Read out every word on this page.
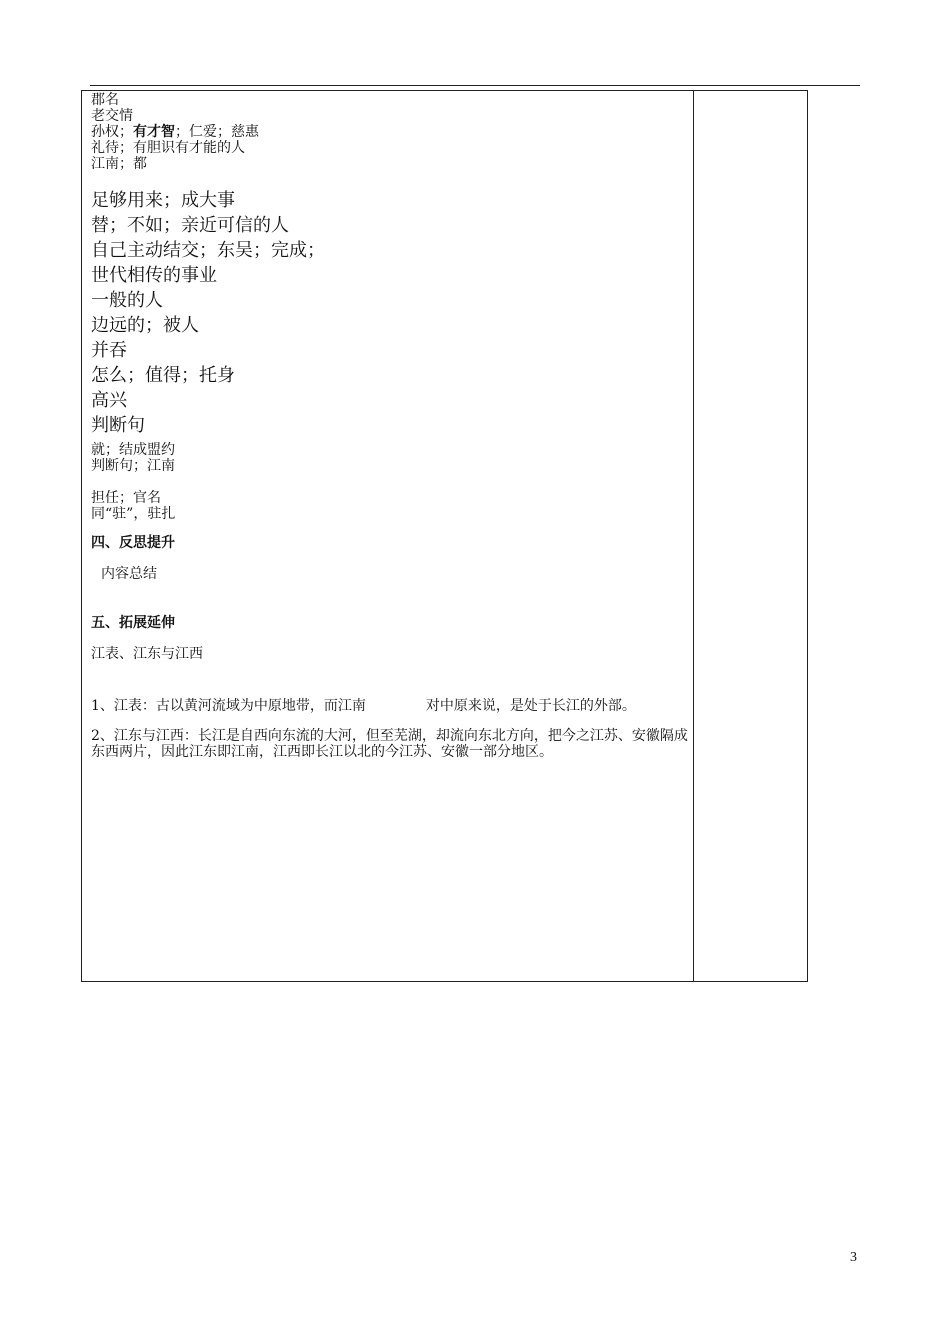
郡名
老交情
孙权；有才智；仁爱；慈惠
礼待；有胆识有才能的人
江南；都
足够用来；成大事
替；不如；亲近可信的人
自己主动结交；东吴；完成；
世代相传的事业
一般的人
边远的；被人
并吞
怎么；值得；托身
高兴
判断句
就；结成盟约
判断句；江南
担任；官名
同“驻”，驻扎
四、反思提升
内容总结
五、拓展延伸
江表、江东与江西
1、江表：古以黄河流域为中原地带，而江南	对中原来说，是处于长江的外部。
2、江东与江西：长江是自西向东流的大河，但至芜湖，却流向东北方向，把今之江苏、安徽隔成东西两片，因此江东即江南，江西即长江以北的今江苏、安徽一部分地区。
3
